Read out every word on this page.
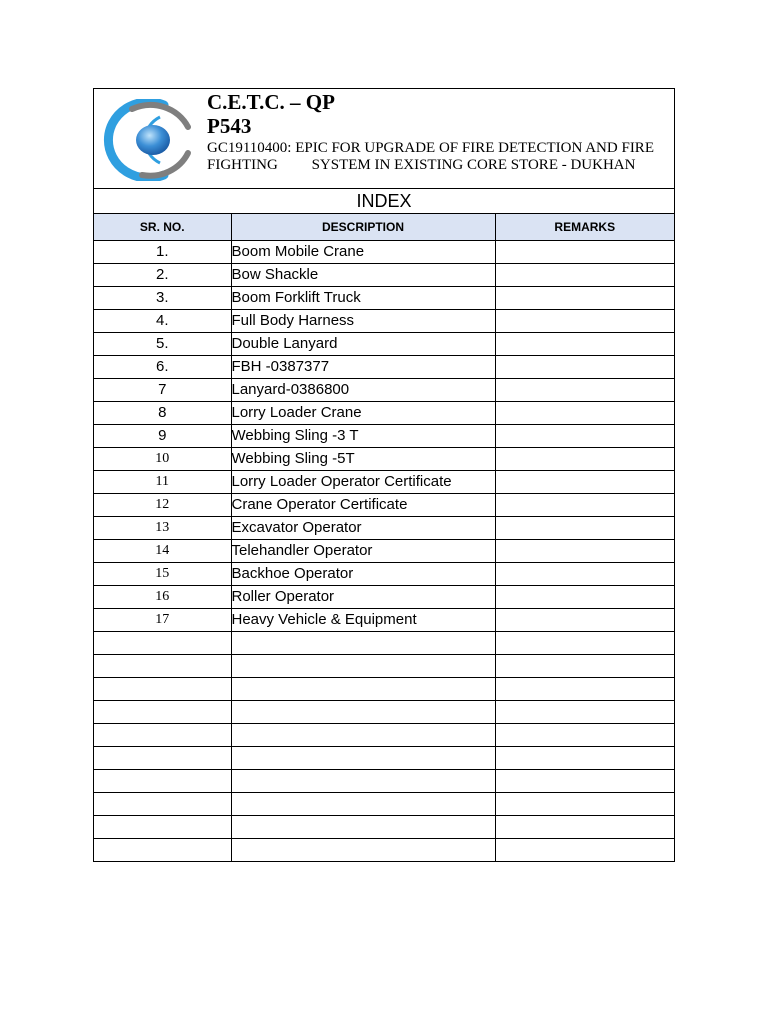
C.E.T.C. – QP P543
GC19110400: EPIC FOR UPGRADE OF FIRE DETECTION AND FIRE FIGHTING         SYSTEM IN EXISTING CORE STORE - DUKHAN
INDEX
SR. NO.	DESCRIPTION	REMARKS
1.	Boom Mobile Crane	
2.	Bow Shackle	
3.	Boom Forklift Truck	
4.	Full Body Harness	
5.	Double Lanyard	
6.	FBH -0387377	
7	Lanyard-0386800	
8	Lorry Loader Crane	
9	Webbing Sling -3 T	
10	Webbing Sling -5T	
11	Lorry Loader Operator Certificate	
12	Crane Operator Certificate	
13	Excavator Operator	
14	Telehandler Operator	
15	Backhoe Operator	
16	Roller Operator	
17	Heavy Vehicle & Equipment	
